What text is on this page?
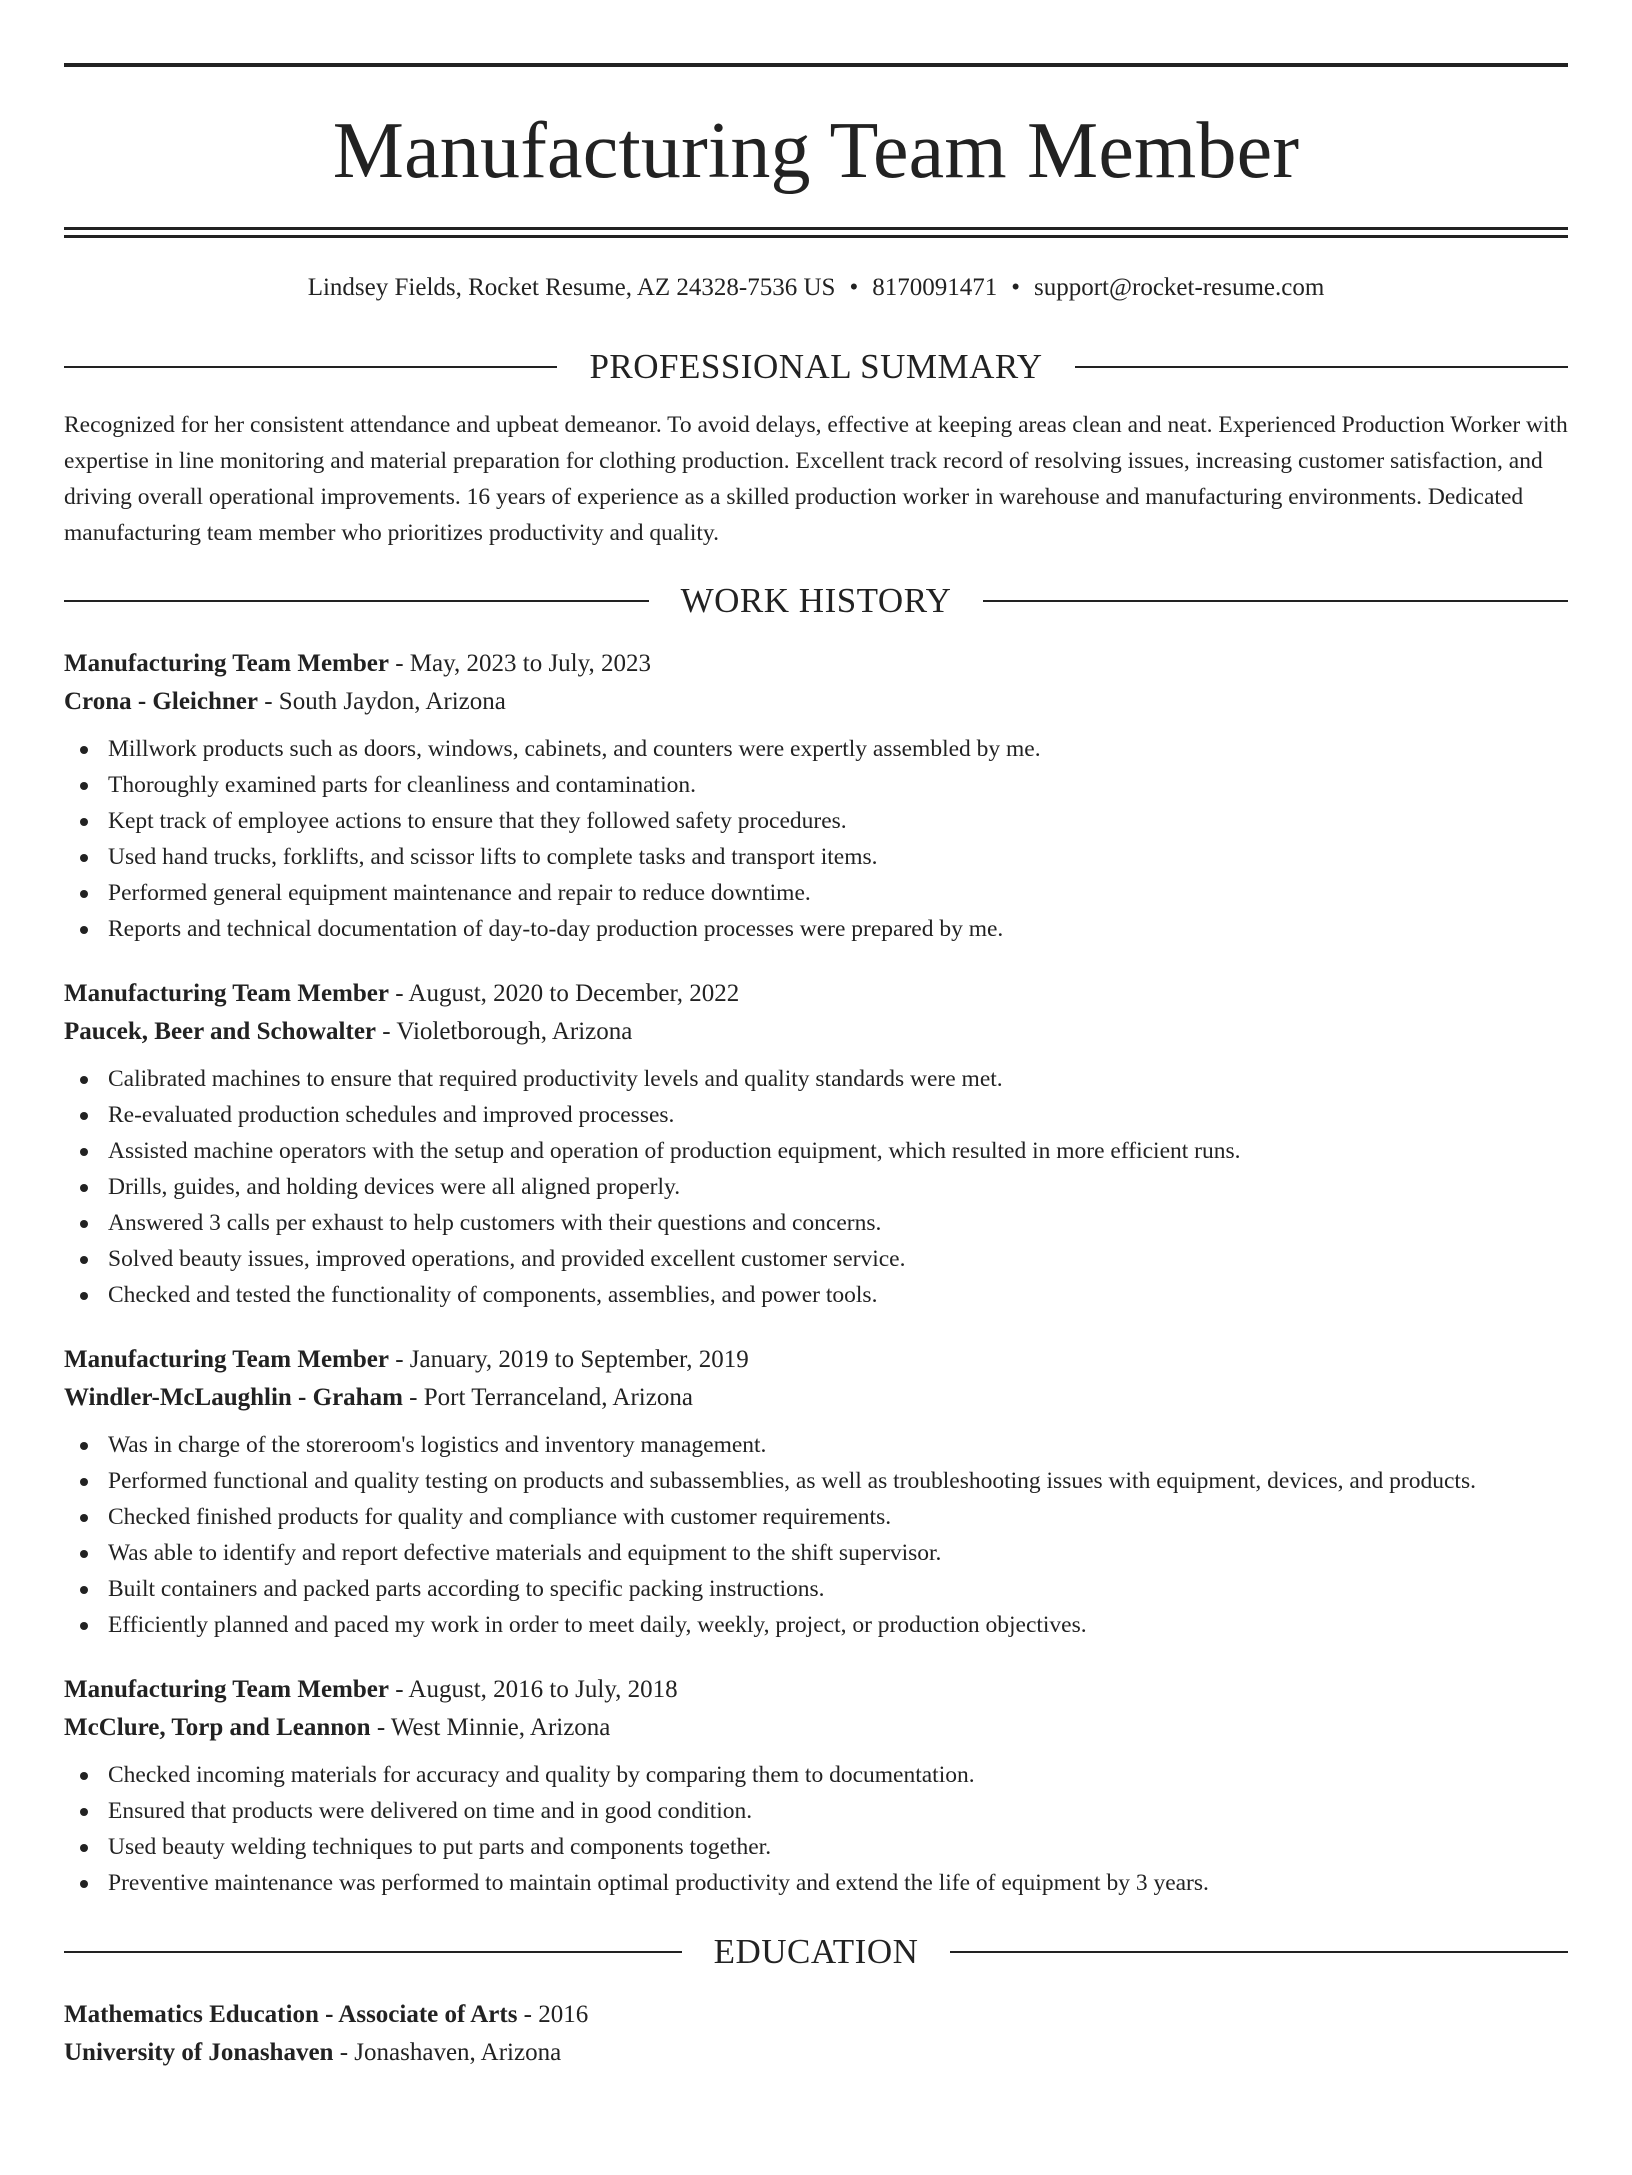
Manufacturing Team Member
Lindsey Fields, Rocket Resume, AZ 24328-7536 US • 8170091471 • support@rocket-resume.com
PROFESSIONAL SUMMARY
Recognized for her consistent attendance and upbeat demeanor. To avoid delays, effective at keeping areas clean and neat. Experienced Production Worker with expertise in line monitoring and material preparation for clothing production. Excellent track record of resolving issues, increasing customer satisfaction, and driving overall operational improvements. 16 years of experience as a skilled production worker in warehouse and manufacturing environments. Dedicated manufacturing team member who prioritizes productivity and quality.
WORK HISTORY
Manufacturing Team Member - May, 2023 to July, 2023
Crona - Gleichner - South Jaydon, Arizona
Millwork products such as doors, windows, cabinets, and counters were expertly assembled by me.
Thoroughly examined parts for cleanliness and contamination.
Kept track of employee actions to ensure that they followed safety procedures.
Used hand trucks, forklifts, and scissor lifts to complete tasks and transport items.
Performed general equipment maintenance and repair to reduce downtime.
Reports and technical documentation of day-to-day production processes were prepared by me.
Manufacturing Team Member - August, 2020 to December, 2022
Paucek, Beer and Schowalter - Violetborough, Arizona
Calibrated machines to ensure that required productivity levels and quality standards were met.
Re-evaluated production schedules and improved processes.
Assisted machine operators with the setup and operation of production equipment, which resulted in more efficient runs.
Drills, guides, and holding devices were all aligned properly.
Answered 3 calls per exhaust to help customers with their questions and concerns.
Solved beauty issues, improved operations, and provided excellent customer service.
Checked and tested the functionality of components, assemblies, and power tools.
Manufacturing Team Member - January, 2019 to September, 2019
Windler-McLaughlin - Graham - Port Terranceland, Arizona
Was in charge of the storeroom's logistics and inventory management.
Performed functional and quality testing on products and subassemblies, as well as troubleshooting issues with equipment, devices, and products.
Checked finished products for quality and compliance with customer requirements.
Was able to identify and report defective materials and equipment to the shift supervisor.
Built containers and packed parts according to specific packing instructions.
Efficiently planned and paced my work in order to meet daily, weekly, project, or production objectives.
Manufacturing Team Member - August, 2016 to July, 2018
McClure, Torp and Leannon - West Minnie, Arizona
Checked incoming materials for accuracy and quality by comparing them to documentation.
Ensured that products were delivered on time and in good condition.
Used beauty welding techniques to put parts and components together.
Preventive maintenance was performed to maintain optimal productivity and extend the life of equipment by 3 years.
EDUCATION
Mathematics Education - Associate of Arts - 2016
University of Jonashaven - Jonashaven, Arizona
